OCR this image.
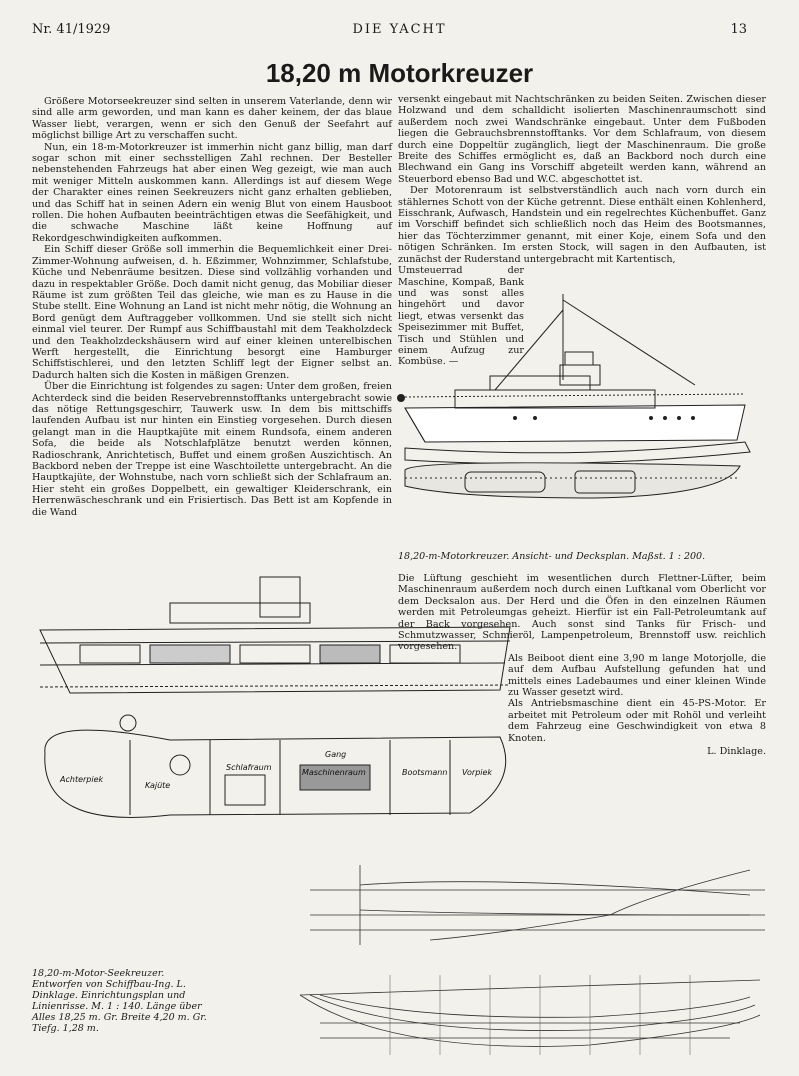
Nr. 41/1929	DIE YACHT	13
18,20 m Motorkreuzer

Größere Motorseekreuzer sind selten in unserem Vaterlande, denn wir sind alle arm geworden, und man kann es daher keinem, der das blaue Wasser liebt, verargen, wenn er sich den Genuß der Seefahrt auf möglichst billige Art zu verschaffen sucht.

Nun, ein 18-m-Motorkreuzer ist immerhin nicht ganz billig, man darf sogar schon mit einer sechsstelligen Zahl rechnen. Der Besteller nebenstehenden Fahrzeugs hat aber einen Weg gezeigt, wie man auch mit weniger Mitteln auskommen kann. Allerdings ist auf diesem Wege der Charakter eines reinen Seekreuzers nicht ganz erhalten geblieben, und das Schiff hat in seinen Adern ein wenig Blut von einem Hausboot rollen. Die hohen Aufbauten beeinträchtigen etwas die Seefähigkeit, und die schwache Maschine läßt keine Hoffnung auf Rekordgeschwindigkeiten aufkommen.

Ein Schiff dieser Größe soll immerhin die Bequemlichkeit einer Drei-Zimmer-Wohnung aufweisen, d. h. Eßzimmer, Wohnzimmer, Schlafstube, Küche und Nebenräume besitzen. Diese sind vollzählig vorhanden und dazu in respektabler Größe. Doch damit nicht genug, das Mobiliar dieser Räume ist zum größten Teil das gleiche, wie man es zu Hause in die Stube stellt. Eine Wohnung an Land ist nicht mehr nötig, die Wohnung an Bord genügt dem Auftraggeber vollkommen. Und sie stellt sich nicht einmal viel teurer. Der Rumpf aus Schiffbaustahl mit dem Teakholzdeck und den Teakholzdeckshäusern wird auf einer kleinen unterelbischen Werft hergestellt, die Einrichtung besorgt eine Hamburger Schiffstischlerei, und den letzten Schliff legt der Eigner selbst an. Dadurch halten sich die Kosten in mäßigen Grenzen.

Über die Einrichtung ist folgendes zu sagen: Unter dem großen, freien Achterdeck sind die beiden Reservebrennstofftanks untergebracht sowie das nötige Rettungsgeschirr, Tauwerk usw. In dem bis mittschiffs laufenden Aufbau ist nur hinten ein Einstieg vorgesehen. Durch diesen gelangt man in die Hauptkajüte mit einem Rundsofa, einem anderen Sofa, die beide als Notschlafplätze benutzt werden können, Radioschrank, Anrichtetisch, Buffet und einem großen Auszichtisch. An Backbord neben der Treppe ist eine Waschtoilette untergebracht. An die Hauptkajüte, der Wohnstube, nach vorn schließt sich der Schlafraum an. Hier steht ein großes Doppelbett, ein gewaltiger Kleiderschrank, ein Herrenwäscheschrank und ein Frisiertisch. Das Bett ist am Kopfende in die Wand

versenkt eingebaut mit Nachtschränken zu beiden Seiten. Zwischen dieser Holzwand und dem schalldicht isolierten Maschinenraumschott sind außerdem noch zwei Wandschränke eingebaut. Unter dem Fußboden liegen die Gebrauchsbrennstofftanks. Vor dem Schlafraum, von diesem durch eine Doppeltür zugänglich, liegt der Maschinenraum. Die große Breite des Schiffes ermöglicht es, daß an Backbord noch durch eine Blechwand ein Gang ins Vorschiff abgeteilt werden kann, während an Steuerbord ebenso Bad und W.C. abgeschottet ist.

Der Motorenraum ist selbstverständlich auch nach vorn durch ein stählernes Schott von der Küche getrennt. Diese enthält einen Kohlenherd, Eisschrank, Aufwasch, Handstein und ein regelrechtes Küchenbuffet. Ganz im Vorschiff befindet sich schließlich noch das Heim des Bootsmannes, hier das Töchterzimmer genannt, mit einer Koje, einem Sofa und den nötigen Schränken. Im ersten Stock, will sagen in den Aufbauten, ist zunächst der Ruderstand untergebracht mit Kartentisch,

Umsteuerrad der Maschine, Kompaß, Bank und was sonst alles hingehört und davor liegt, etwas versenkt das Speisezimmer mit Buffet, Tisch und Stühlen und einem Aufzug zur Kombüse. —

18,20-m-Motorkreuzer. Ansicht- und Decksplan. Maßst. 1 : 200.

Die Lüftung geschieht im wesentlichen durch Flettner-Lüfter, beim Maschinenraum außerdem noch durch einen Luftkanal vom Oberlicht vor dem Decksalon aus. Der Herd und die Öfen in den einzelnen Räumen werden mit Petroleumgas geheizt. Hierfür ist ein Fall-Petroleumtank auf der Back vorgesehen. Auch sonst sind Tanks für Frisch- und Schmutzwasser, Schmieröl, Lampenpetroleum, Brennstoff usw. reichlich vorgesehen.

Als Beiboot dient eine 3,90 m lange Motorjolle, die auf dem Aufbau Aufstellung gefunden hat und mittels eines Ladebaumes und einer kleinen Winde zu Wasser gesetzt wird.

Als Antriebsmaschine dient ein 45-PS-Motor. Er arbeitet mit Petroleum oder mit Rohöl und verleiht dem Fahrzeug eine Geschwindigkeit von etwa 8 Knoten.

L. Dinklage.
Achterpiek
Kajüte
Schlafraum
Maschinenraum
Gang
Bootsmann Vorpiek
18,20-m-Motor-Seekreuzer. Entworfen von Schiffbau-Ing. L. Dinklage. Einrichtungsplan und Linienrisse. M. 1 : 140. Länge über Alles 18,25 m. Gr. Breite 4,20 m. Gr. Tiefg. 1,28 m.
